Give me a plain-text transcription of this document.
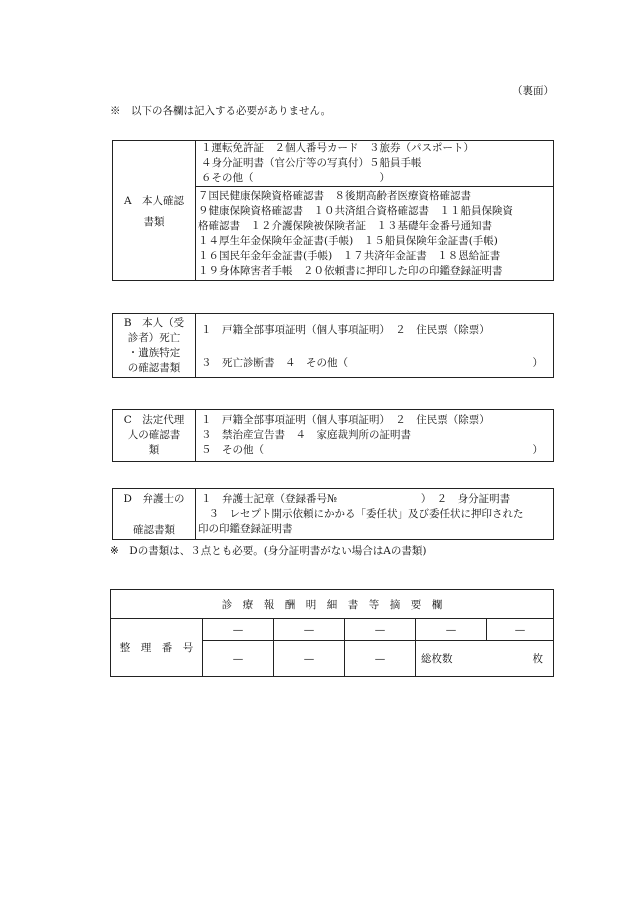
（裏面）
※　以下の各欄は記入する必要がありません。
A　本人確認
書類

１運転免許証　２個人番号カード　３旅券（パスポート）
４身分証明書（官公庁等の写真付）５船員手帳
６その他（　　　　　　　　　　　　）

７国民健康保険資格確認書　８後期高齢者医療資格確認書
９健康保険資格確認書　１０共済組合資格確認書　１１船員保険資
格確認書　１２介護保険被保険者証　１３基礎年金番号通知書
１４厚生年金保険年金証書(手帳)　１５船員保険年金証書(手帳)
１６国民年金年金証書(手帳)　１７共済年金証書　１８恩給証書
１９身体障害者手帳　２０依頼書に押印した印の印鑑登録証明書
B　本人（受
診者）死亡
・遺族特定
の確認書類

１　戸籍全部事項証明（個人事項証明）　２　住民票（除票）
３　死亡診断書　４　その他（	）
C　法定代理
人の確認書
類

１　戸籍全部事項証明（個人事項証明）　２　住民票（除票）
３　禁治産宣告書　４　家庭裁判所の証明書
５　その他（	）
D　弁護士の
確認書類

１　弁護士記章（登録番号№　　　　　　　　）　２　身分証明書
　３　レセプト開示依頼にかかる「委任状」及び委任状に押印された
印の印鑑登録証明書
※　Dの書類は、３点とも必要。(身分証明書がない場合はAの書類)
診　療　報　酬　明　細　書　等　摘　要　欄					
整　理　番　号	—	—	—	—	—
	—	—	—	総枚数 枚	
